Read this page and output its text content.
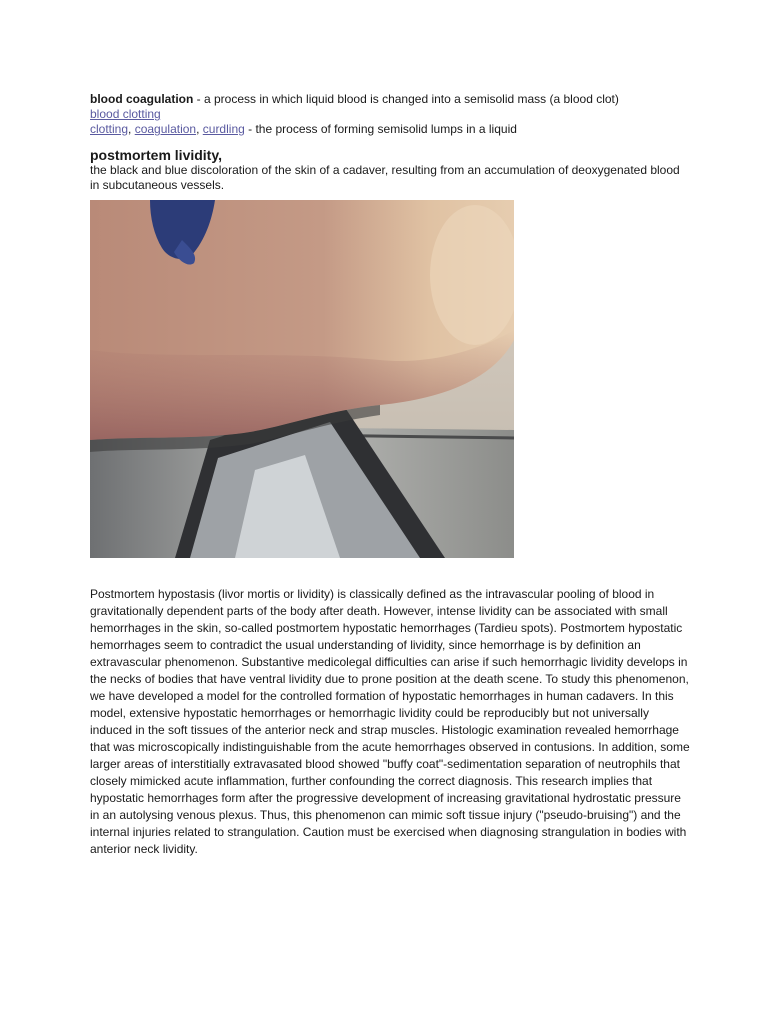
blood coagulation - a process in which liquid blood is changed into a semisolid mass (a blood clot)
blood clotting
clotting, coagulation, curdling - the process of forming semisolid lumps in a liquid
postmortem lividity,
the black and blue discoloration of the skin of a cadaver, resulting from an accumulation of deoxygenated blood in subcutaneous vessels.
Postmortem hypostasis (livor mortis or lividity) is classically defined as the intravascular pooling of blood in gravitationally dependent parts of the body after death. However, intense lividity can be associated with small hemorrhages in the skin, so-called postmortem hypostatic hemorrhages (Tardieu spots). Postmortem hypostatic hemorrhages seem to contradict the usual understanding of lividity, since hemorrhage is by definition an extravascular phenomenon. Substantive medicolegal difficulties can arise if such hemorrhagic lividity develops in the necks of bodies that have ventral lividity due to prone position at the death scene. To study this phenomenon, we have developed a model for the controlled formation of hypostatic hemorrhages in human cadavers. In this model, extensive hypostatic hemorrhages or hemorrhagic lividity could be reproducibly but not universally induced in the soft tissues of the anterior neck and strap muscles. Histologic examination revealed hemorrhage that was microscopically indistinguishable from the acute hemorrhages observed in contusions. In addition, some larger areas of interstitially extravasated blood showed "buffy coat"-sedimentation separation of neutrophils that closely mimicked acute inflammation, further confounding the correct diagnosis. This research implies that hypostatic hemorrhages form after the progressive development of increasing gravitational hydrostatic pressure in an autolysing venous plexus. Thus, this phenomenon can mimic soft tissue injury ("pseudo-bruising") and the internal injuries related to strangulation. Caution must be exercised when diagnosing strangulation in bodies with anterior neck lividity.
